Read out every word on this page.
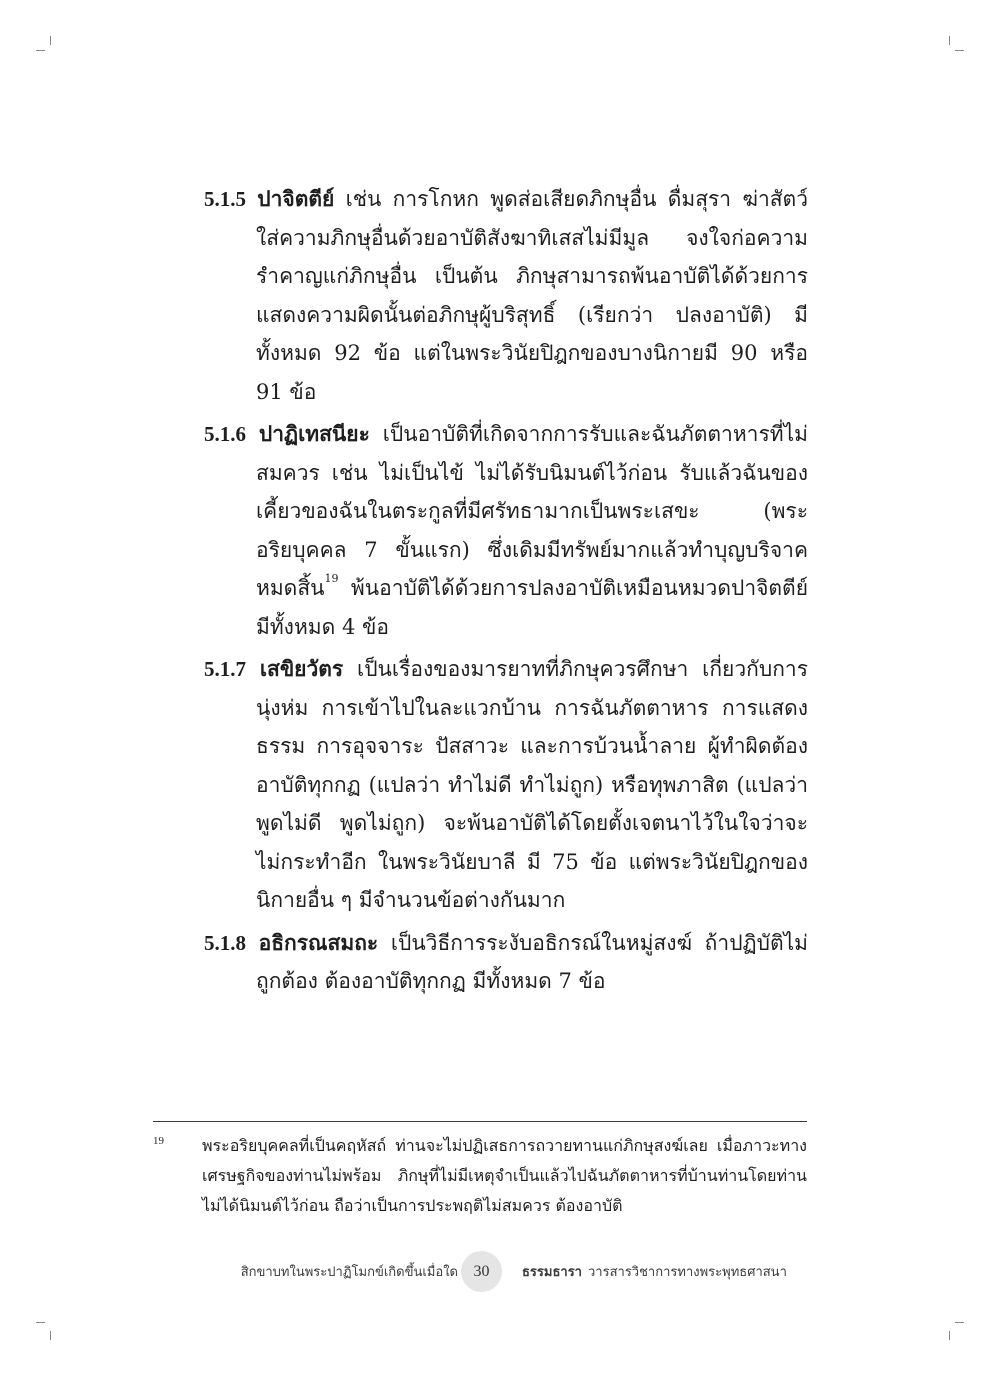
5.1.5 ปาจิตตีย์ เช่น การโกหก พูดส่อเสียดภิกษุอื่น ดื่มสุรา ฆ่าสัตว์ ใส่ความภิกษุอื่นด้วยอาบัติสังฆาทิเสสไม่มีมูล จงใจก่อความรำคาญแก่ภิกษุอื่น เป็นต้น ภิกษุสามารถพ้นอาบัติได้ด้วยการแสดงความผิดนั้นต่อภิกษุผู้บริสุทธิ์ (เรียกว่า ปลงอาบัติ) มีทั้งหมด 92 ข้อ แต่ในพระวินัยปิฎกของบางนิกายมี 90 หรือ 91 ข้อ
5.1.6 ปาฏิเทสนียะ เป็นอาบัติที่เกิดจากการรับและฉันภัตตาหารที่ไม่สมควร เช่น ไม่เป็นไข้ ไม่ได้รับนิมนต์ไว้ก่อน รับแล้วฉันของเคี้ยวของฉันในตระกูลที่มีศรัทธามากเป็นพระเสขะ (พระอริยบุคคล 7 ขั้นแรก) ซึ่งเดิมมีทรัพย์มากแล้วทำบุญบริจาคหมดสิ้น$^{19}$ พ้นอาบัติได้ด้วยการปลงอาบัติเหมือนหมวดปาจิตตีย์ มีทั้งหมด 4 ข้อ
5.1.7 เสขิยวัตร เป็นเรื่องของมารยาทที่ภิกษุควรศึกษา เกี่ยวกับการนุ่งห่ม การเข้าไปในละแวกบ้าน การฉันภัตตาหาร การแสดงธรรม การอุจจาระ ปัสสาวะ และการบ้วนน้ำลาย ผู้ทำผิดต้องอาบัติทุกกฏ (แปลว่า ทำไม่ดี ทำไม่ถูก) หรือทุพภาสิต (แปลว่า พูดไม่ดี พูดไม่ถูก) จะพ้นอาบัติได้โดยตั้งเจตนาไว้ในใจว่าจะไม่กระทำอีก ในพระวินัยบาลี มี 75 ข้อ แต่พระวินัยปิฎกของนิกายอื่น ๆ มีจำนวนข้อต่างกันมาก
5.1.8 อธิกรณสมถะ เป็นวิธีการระงับอธิกรณ์ในหมู่สงฆ์ ถ้าปฏิบัติไม่ถูกต้อง ต้องอาบัติทุกกฏ มีทั้งหมด 7 ข้อ
19 พระอริยบุคคลที่เป็นคฤหัสถ์ ท่านจะไม่ปฏิเสธการถวายทานแก่ภิกษุสงฆ์เลย เมื่อภาวะทางเศรษฐกิจของท่านไม่พร้อม ภิกษุที่ไม่มีเหตุจำเป็นแล้วไปฉันภัตตาหารที่บ้านท่านโดยท่านไม่ได้นิมนต์ไว้ก่อน ถือว่าเป็นการประพฤติไม่สมควร ต้องอาบัติ
สิกขาบทในพระปาฏิโมกข์เกิดขึ้นเมื่อใด 30	ธรรมธารา วารสารวิชาการทางพระพุทธศาสนา
